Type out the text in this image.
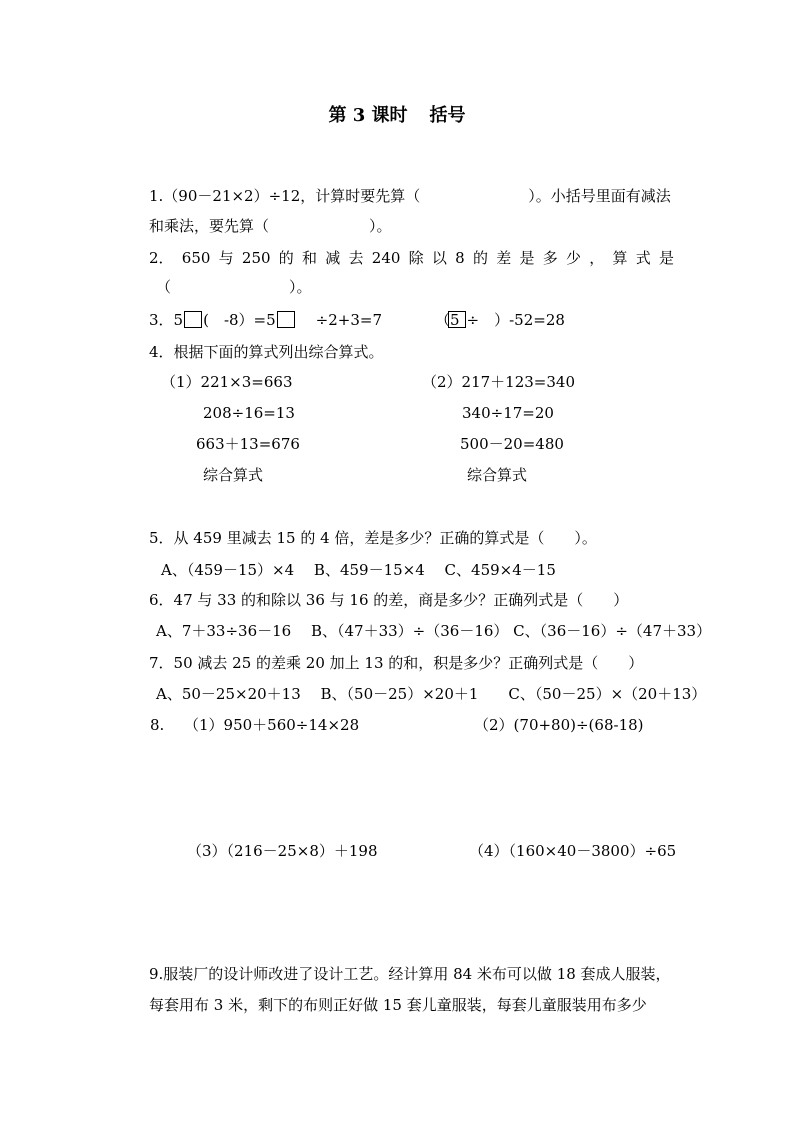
第 3 课时 括号
1.（90－21×2）÷12，计算时要先算（	）。小括号里面有减法
和乘法，要先算（	）。
2． 650 与 250 的 和 减 去 240 除 以 8 的 差 是 多 少 ， 算 式 是
（	）。
3．5 (　-8）=5	÷2+3=7	（5 ÷　）-52=28
4．根据下面的算式列出综合算式。
（1）221×3=663
208÷16=13
663＋13=676
综合算式
（2）217＋123=340
340÷17=20
500－20=480
综合算式
5．从 459 里减去 15 的 4 倍，差是多少？正确的算式是（　　）。
A、（459－15）×4　 B、459－15×4　 C、459×4－15
6．47 与 33 的和除以 36 与 16 的差，商是多少？正确列式是（　　）
A、7＋33÷36－16　 B、（47＋33）÷（36－16） C、（36－16）÷（47＋33）
7．50 减去 25 的差乘 20 加上 13 的和，积是多少？正确列式是（　　）
A、50－25×20＋13　 B、（50－25）×20＋1　　C、（50－25）×（20＋13）
8. （1）950＋560÷14×28	（2）(70+80)÷(68-18)
（3）（216－25×8）＋198	（4）（160×40－3800）÷65
9.服装厂的设计师改进了设计工艺。经计算用 84 米布可以做 18 套成人服装，
每套用布 3 米，剩下的布则正好做 15 套儿童服装，每套儿童服装用布多少
